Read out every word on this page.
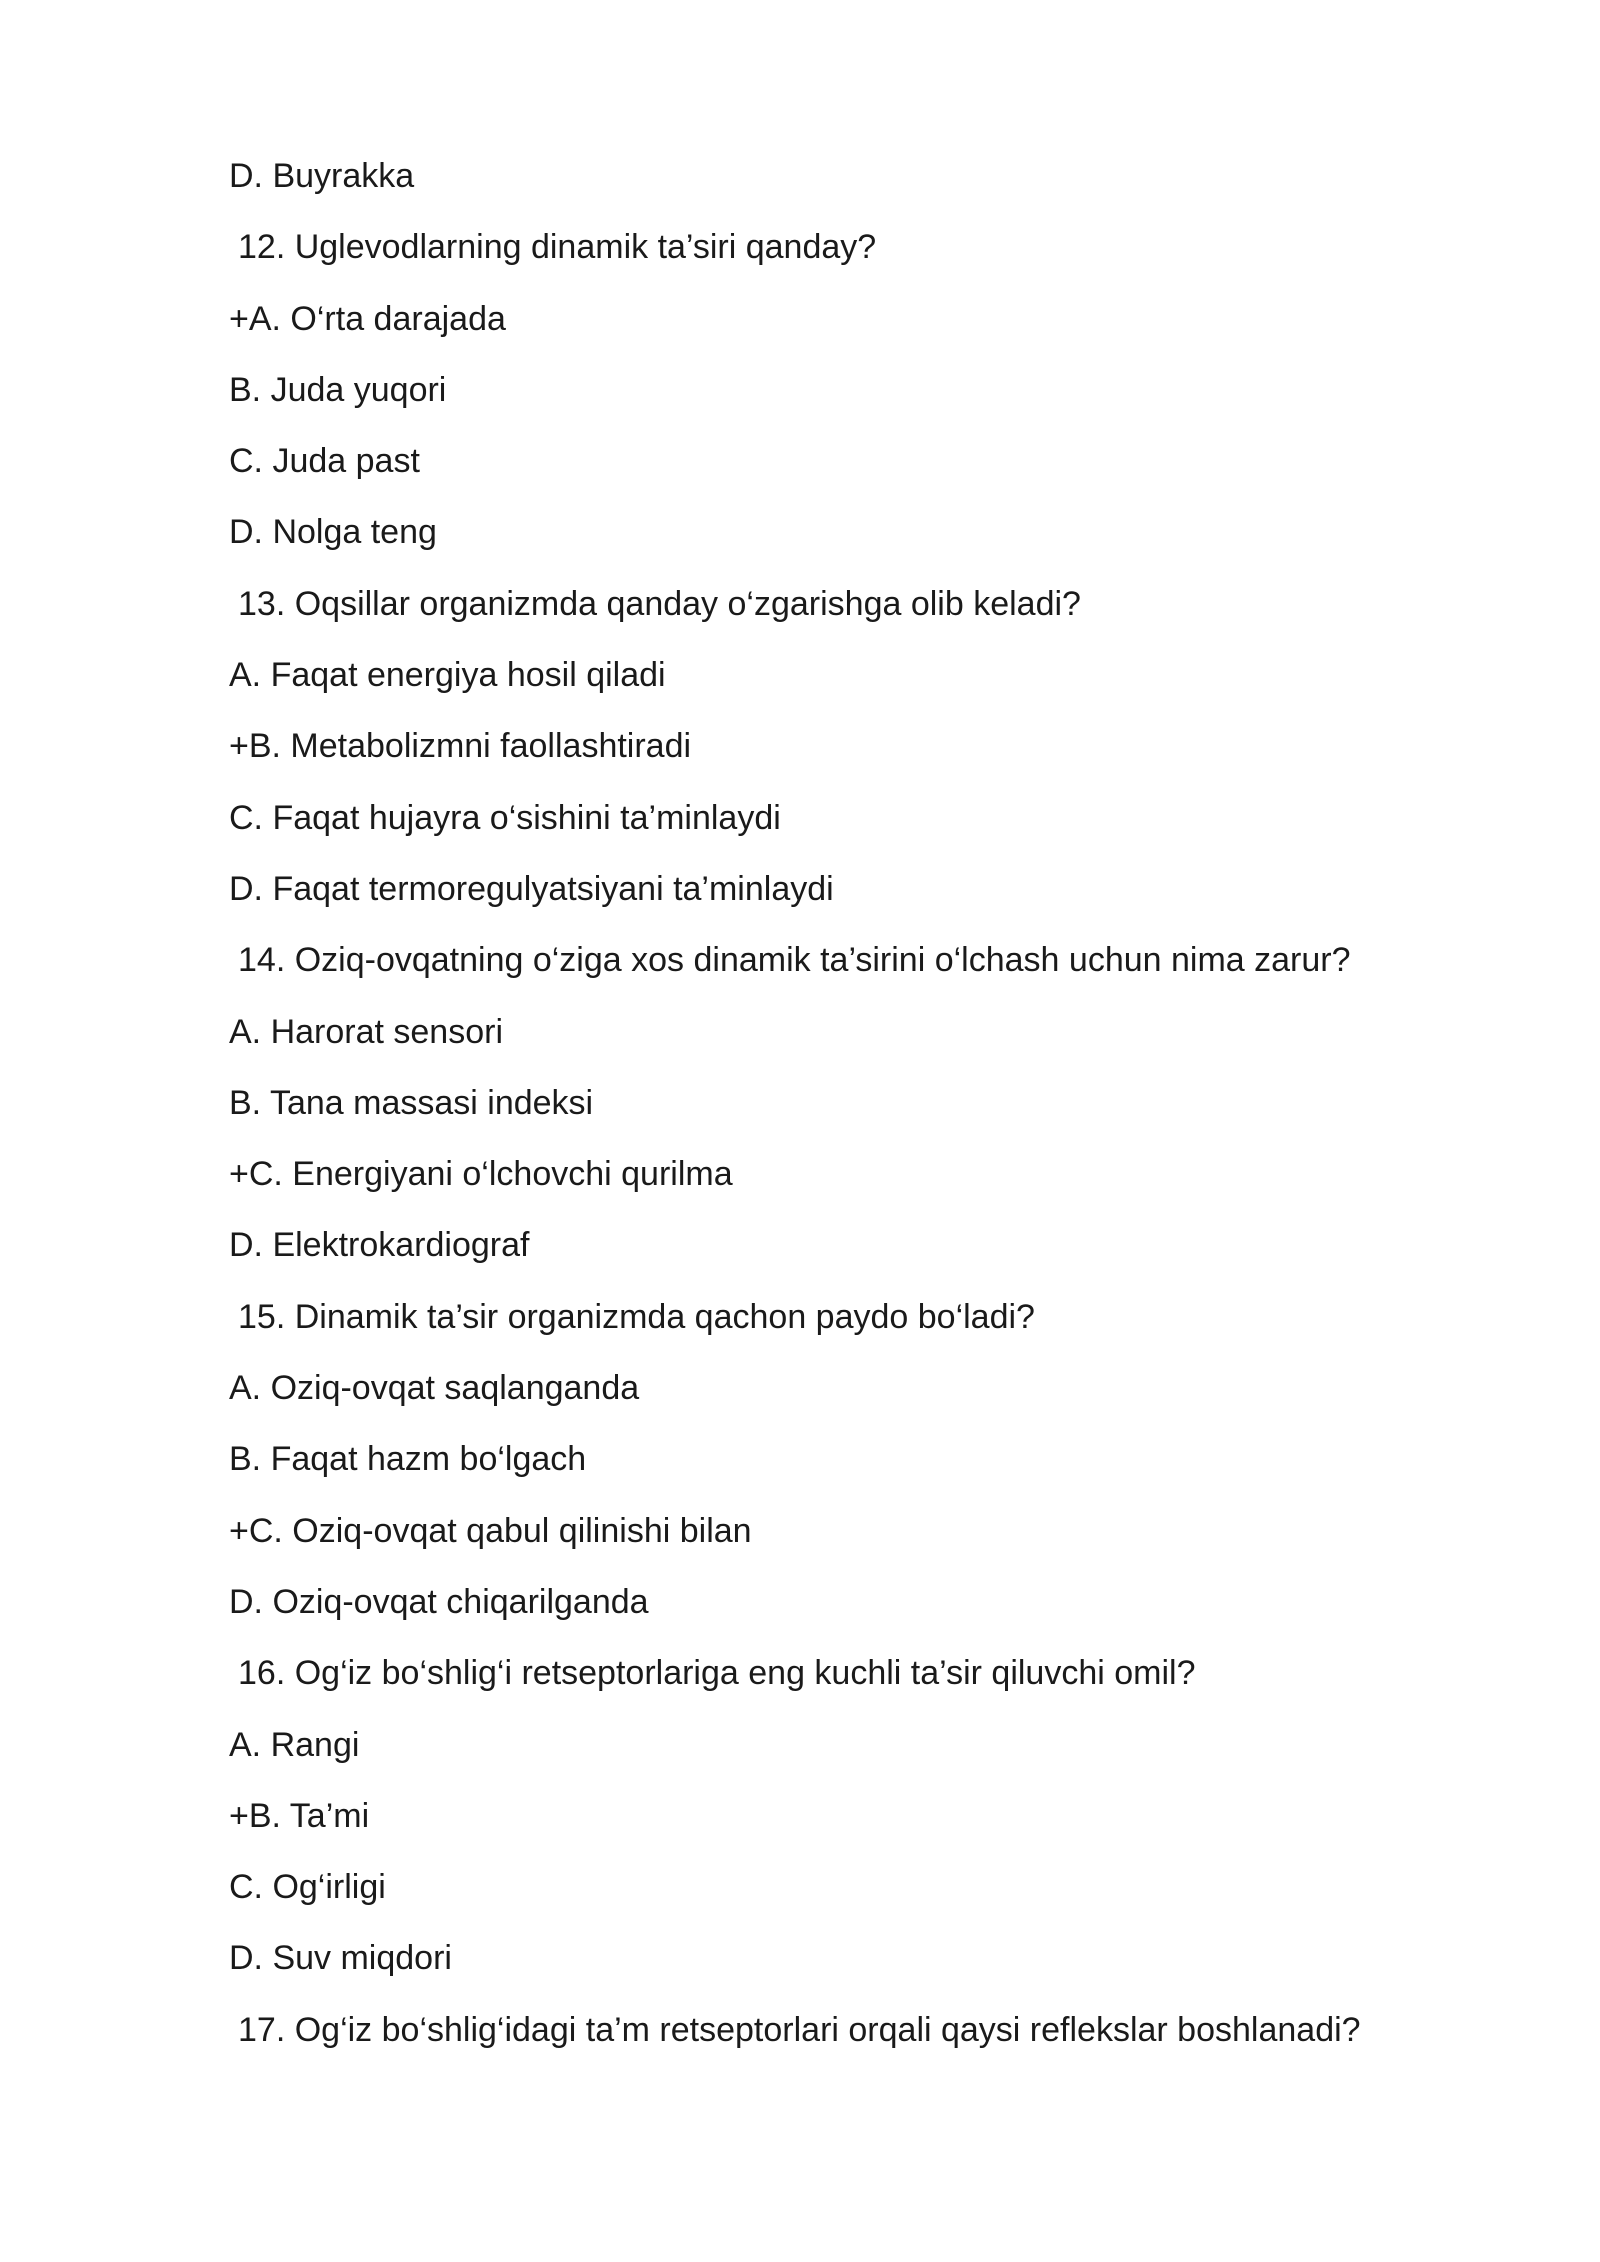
D. Buyrakka
12. Uglevodlarning dinamik ta’siri qanday?
+A. O‘rta darajada
B. Juda yuqori
C. Juda past
D. Nolga teng
13. Oqsillar organizmda qanday o‘zgarishga olib keladi?
A. Faqat energiya hosil qiladi
+B. Metabolizmni faollashtiradi
C. Faqat hujayra o‘sishini ta’minlaydi
D. Faqat termoregulyatsiyani ta’minlaydi
14. Oziq-ovqatning o‘ziga xos dinamik ta’sirini o‘lchash uchun nima zarur?
A. Harorat sensori
B. Tana massasi indeksi
+C. Energiyani o‘lchovchi qurilma
D. Elektrokardiograf
15. Dinamik ta’sir organizmda qachon paydo bo‘ladi?
A. Oziq-ovqat saqlanganda
B. Faqat hazm bo‘lgach
+C. Oziq-ovqat qabul qilinishi bilan
D. Oziq-ovqat chiqarilganda
16. Og‘iz bo‘shlig‘i retseptorlariga eng kuchli ta’sir qiluvchi omil?
A. Rangi
+B. Ta’mi
C. Og‘irligi
D. Suv miqdori
17. Og‘iz bo‘shlig‘idagi ta’m retseptorlari orqali qaysi reflekslar boshlanadi?
